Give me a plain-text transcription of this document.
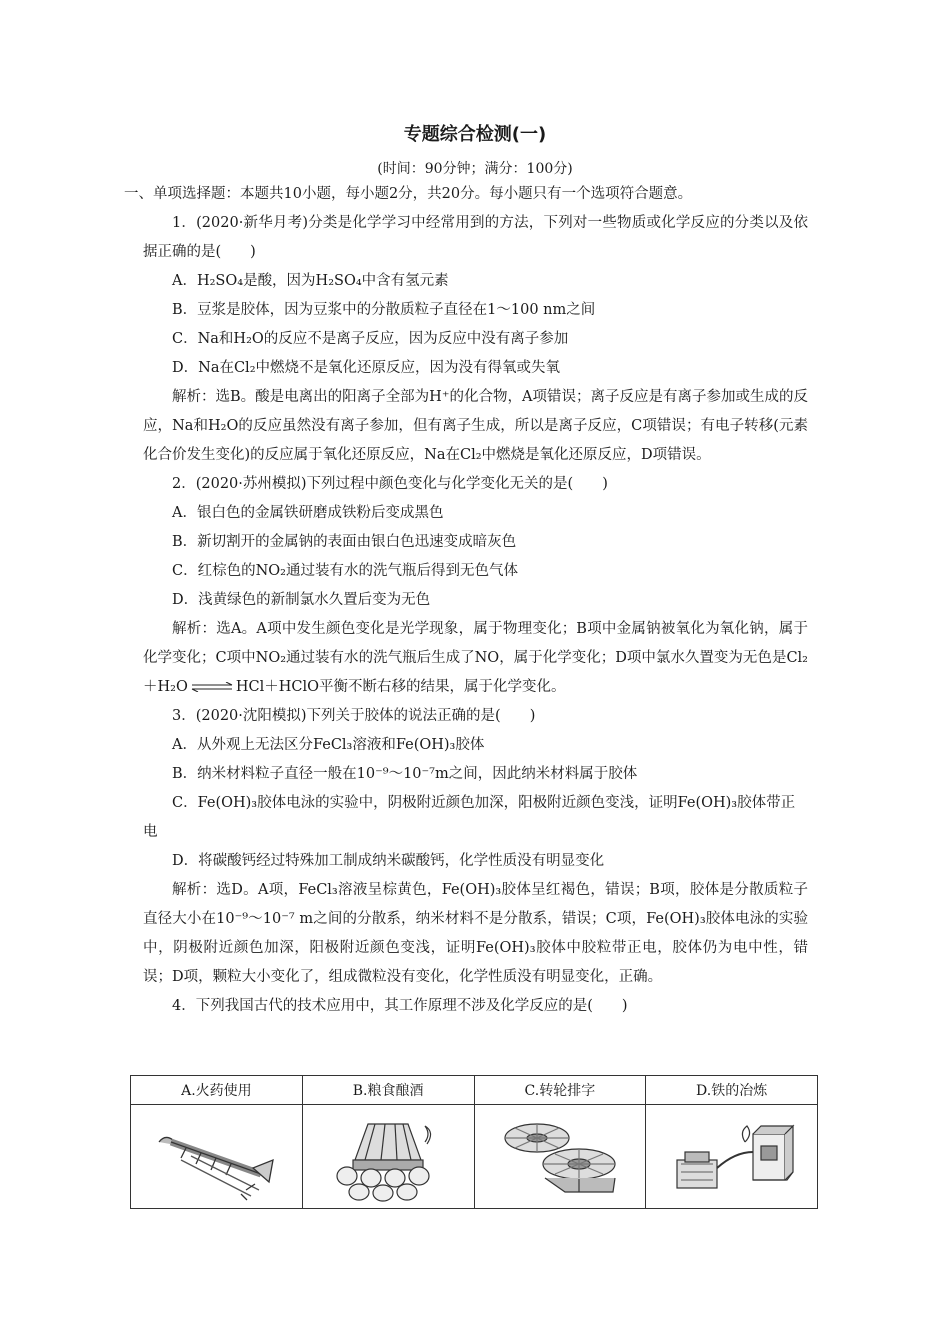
专题综合检测(一)
(时间：90分钟；满分：100分)

一、单项选择题：本题共10小题，每小题2分，共20分。每小题只有一个选项符合题意。

1．(2020·新华月考)分类是化学学习中经常用到的方法，下列对一些物质或化学反应的分类以及依据正确的是(　　)

A．H₂SO₄是酸，因为H₂SO₄中含有氢元素

B．豆浆是胶体，因为豆浆中的分散质粒子直径在1～100 nm之间

C．Na和H₂O的反应不是离子反应，因为反应中没有离子参加

D．Na在Cl₂中燃烧不是氧化还原反应，因为没有得氧或失氧

解析：选B。酸是电离出的阳离子全部为H⁺的化合物，A项错误；离子反应是有离子参加或生成的反应，Na和H₂O的反应虽然没有离子参加，但有离子生成，所以是离子反应，C项错误；有电子转移(元素化合价发生变化)的反应属于氧化还原反应，Na在Cl₂中燃烧是氧化还原反应，D项错误。

2．(2020·苏州模拟)下列过程中颜色变化与化学变化无关的是(　　)

A．银白色的金属铁研磨成铁粉后变成黑色

B．新切割开的金属钠的表面由银白色迅速变成暗灰色

C．红棕色的NO₂通过装有水的洗气瓶后得到无色气体

D．浅黄绿色的新制氯水久置后变为无色

解析：选A。A项中发生颜色变化是光学现象，属于物理变化；B项中金属钠被氧化为氧化钠，属于化学变化；C项中NO₂通过装有水的洗气瓶后生成了NO，属于化学变化；D项中氯水久置变为无色是Cl₂＋H₂O⇌HCl＋HClO平衡不断右移的结果，属于化学变化。

3．(2020·沈阳模拟)下列关于胶体的说法正确的是(　　)

A．从外观上无法区分FeCl₃溶液和Fe(OH)₃胶体

B．纳米材料粒子直径一般在10⁻⁹～10⁻⁷m之间，因此纳米材料属于胶体

C．Fe(OH)₃胶体电泳的实验中，阴极附近颜色加深，阳极附近颜色变浅，证明Fe(OH)₃胶体带正电

D．将碳酸钙经过特殊加工制成纳米碳酸钙，化学性质没有明显变化

解析：选D。A项，FeCl₃溶液呈棕黄色，Fe(OH)₃胶体呈红褐色，错误；B项，胶体是分散质粒子直径大小在10⁻⁹～10⁻⁷ m之间的分散系，纳米材料不是分散系，错误；C项，Fe(OH)₃胶体电泳的实验中，阴极附近颜色加深，阳极附近颜色变浅，证明Fe(OH)₃胶体中胶粒带正电，胶体仍为电中性，错误；D项，颗粒大小变化了，组成微粒没有变化，化学性质没有明显变化，正确。

4．下列我国古代的技术应用中，其工作原理不涉及化学反应的是(　　)

A.火药使用	B.粮食酿酒	C.转轮排字	D.铁的冶炼
